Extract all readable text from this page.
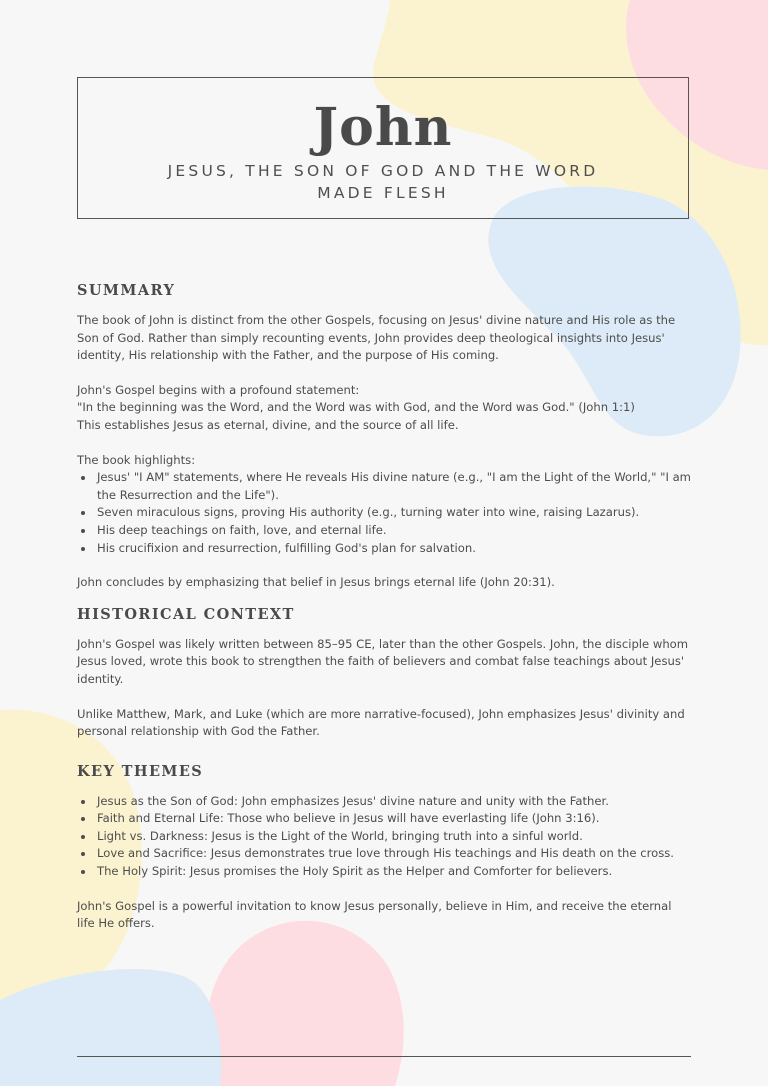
John
JESUS, THE SON OF GOD AND THE WORD MADE FLESH
SUMMARY

The book of John is distinct from the other Gospels, focusing on Jesus' divine nature and His role as the Son of God. Rather than simply recounting events, John provides deep theological insights into Jesus' identity, His relationship with the Father, and the purpose of His coming.

John's Gospel begins with a profound statement:

"In the beginning was the Word, and the Word was with God, and the Word was God." (John 1:1)

This establishes Jesus as eternal, divine, and the source of all life.

The book highlights:

• Jesus' "I AM" statements, where He reveals His divine nature (e.g., "I am the Light of the World," "I am the Resurrection and the Life").
• Seven miraculous signs, proving His authority (e.g., turning water into wine, raising Lazarus).
• His deep teachings on faith, love, and eternal life.
• His crucifixion and resurrection, fulfilling God's plan for salvation.

John concludes by emphasizing that belief in Jesus brings eternal life (John 20:31).

HISTORICAL CONTEXT

John's Gospel was likely written between 85–95 CE, later than the other Gospels. John, the disciple whom Jesus loved, wrote this book to strengthen the faith of believers and combat false teachings about Jesus' identity.

Unlike Matthew, Mark, and Luke (which are more narrative-focused), John emphasizes Jesus' divinity and personal relationship with God the Father.

KEY THEMES
• Jesus as the Son of God: John emphasizes Jesus' divine nature and unity with the Father.
• Faith and Eternal Life: Those who believe in Jesus will have everlasting life (John 3:16).
• Light vs. Darkness: Jesus is the Light of the World, bringing truth into a sinful world.
• Love and Sacrifice: Jesus demonstrates true love through His teachings and His death on the cross.
• The Holy Spirit: Jesus promises the Holy Spirit as the Helper and Comforter for believers.

John's Gospel is a powerful invitation to know Jesus personally, believe in Him, and receive the eternal life He offers.
